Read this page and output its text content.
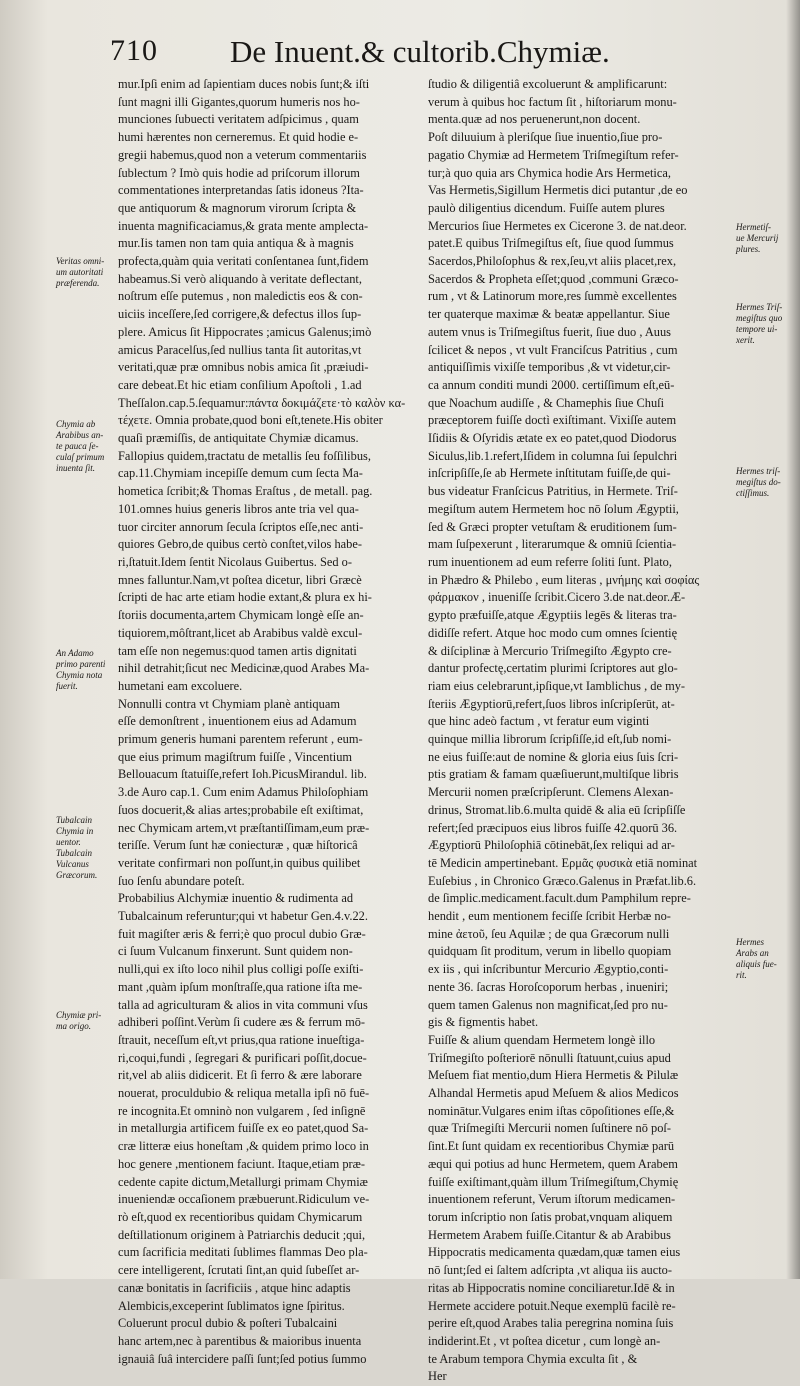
710 De Inuent.& cultorib.Chymiæ.
Veritas omni-
um autoritati
præferenda.
Chymia ab
Arabibus an-
te pauca ſe-
culaſ primum
inuenta ſit.
An Adamo
primo parenti
Chymia nota
fuerit.
Tubalcain
Chymia in
uentor.
Tubalcain
Vulcanus
Græcorum.
Chymiæ pri-
ma origo.
Hermetiſ-
ue Mercurij
plures.
Hermes Triſ-
megiſtus quo
tempore ui-
xerit.
Hermes triſ-
megiſtus do-
ctiſſimus.
Hermes
Arabs an
aliquis fue-
rit.
mur.Ipſi enim ad ſapientiam duces nobis ſunt;& iſti
ſunt magni illi Gigantes,quorum humeris nos ho-
munciones ſubuecti veritatem adſpicimus , quam
humi hærentes non cerneremus. Et quid hodie e-
gregii habemus,quod non a veterum commentariis
ſublectum ? Imò quis hodie ad priſcorum illorum
commentationes interpretandas ſatis idoneus ?Ita-
que antiquorum & magnorum virorum ſcripta &
inuenta magnificaciamus,& grata mente amplecta-
mur.Iis tamen non tam quia antiqua & à magnis
profecta,quàm quia veritati conſentanea ſunt,fidem
habeamus.Si verò aliquando à veritate deflectant,
noſtrum eſſe putemus , non maledictis eos & con-
uiciis inceſſere,ſed corrigere,& defectus illos ſup-
plere. Amicus ſit Hippocrates ;amicus Galenus;imò
amicus Paracelſus,ſed nullius tanta ſit autoritas,vt
veritati,quæ præ omnibus nobis amica ſit ,præiudi-
care debeat.Et hic etiam conſilium Apoſtoli , 1.ad
Theſſalon.cap.5.ſequamur:πάντα δοκιμάζετε·τὸ καλὸν κα-
τέχετε. Omnia probate,quod boni eſt,tenete.His obiter
quaſi præmiſſis, de antiquitate Chymiæ dicamus.
Fallopius quidem,tractatu de metallis ſeu foſſilibus,
cap.11.Chymiam incepiſſe demum cum ſecta Ma-
hometica ſcribit;& Thomas Eraſtus , de metall. pag.
101.omnes huius generis libros ante tria vel qua-
tuor circiter annorum ſecula ſcriptos eſſe,nec anti-
quiores Gebro,de quibus certò conſtet,vilos habe-
ri,ſtatuit.Idem ſentit Nicolaus Guibertus. Sed o-
mnes falluntur.Nam,vt poſtea dicetur, libri Græcè
ſcripti de hac arte etiam hodie extant,& plura ex hi-
ſtoriis documenta,artem Chymicam longè eſſe an-
tiquiorem,môſtrant,licet ab Arabibus valdè excul-
tam eſſe non negemus:quod tamen artis dignitati
nihil detrahit;ſicut nec Medicinæ,quod Arabes Ma-
humetani eam excoluere.
Nonnulli contra vt Chymiam planè antiquam
eſſe demonſtrent , inuentionem eius ad Adamum
primum generis humani parentem referunt , eum-
que eius primum magiſtrum fuiſſe , Vincentium
Bellouacum ſtatuiſſe,refert Ioh.PicusMirandul. lib.
3.de Auro cap.1. Cum enim Adamus Philoſophiam
ſuos docuerit,& alias artes;probabile eſt exiſtimat,
nec Chymicam artem,vt præſtantiſſimam,eum præ-
teriſſe. Verum ſunt hæ coniecturæ , quæ hiſtoricâ
veritate confirmari non poſſunt,in quibus quilibet
ſuo ſenſu abundare poteſt.
Probabilius Alchymiæ inuentio & rudimenta ad
Tubalcainum referuntur;qui vt habetur Gen.4.v.22.
fuit magiſter æris & ferri;è quo procul dubio Græ-
ci ſuum Vulcanum finxerunt. Sunt quidem non-
nulli,qui ex iſto loco nihil plus colligi poſſe exiſti-
mant ,quàm ipſum monſtraſſe,qua ratione iſta me-
talla ad agriculturam & alios in vita communi vſus
adhiberi poſſint.Verùm ſi cudere æs & ferrum mō-
ſtrauit, neceſſum eſt,vt prius,qua ratione inueſtiga-
ri,coqui,fundi , ſegregari & purificari poſſit,docue-
rit,vel ab aliis didicerit. Et ſi ferro & ære laborare
nouerat, proculdubio & reliqua metalla ipſi nō fuē-
re incognita.Et omninò non vulgarem , ſed inſignē
in metallurgia artificem fuiſſe ex eo patet,quod Sa-
cræ litteræ eius honeſtam ,& quidem primo loco in
hoc genere ,mentionem faciunt. Itaque,etiam præ-
cedente capite dictum,Metallurgi primam Chymiæ
inueniendæ occaſionem præbuerunt.Ridiculum ve-
rò eſt,quod ex recentioribus quidam Chymicarum
deſtillationum originem à Patriarchis deducit ;qui,
cum ſacrificia meditati ſublimes flammas Deo pla-
cere intelligerent, ſcrutati ſint,an quid ſubeſſet ar-
canæ bonitatis in ſacrificiis , atque hinc adaptis
Alembicis,exceperint ſublimatos igne ſpiritus.
Coluerunt procul dubio & poſteri Tubalcaini
hanc artem,nec à parentibus & maioribus inuenta
ignauiâ ſuâ intercidere paſſi ſunt;ſed potius ſummo
ſtudio & diligentiâ excoluerunt & amplificarunt:
verum à quibus hoc factum ſit , hiſtoriarum monu-
menta.quæ ad nos peruenerunt,non docent.
Poſt diluuium à pleriſque ſiue inuentio,ſiue pro-
pagatio Chymiæ ad Hermetem Triſmegiſtum refer-
tur;à quo quia ars Chymica hodie Ars Hermetica,
Vas Hermetis,Sigillum Hermetis dici putantur ,de eo
paulò diligentius dicendum. Fuiſſe autem plures
Mercurios ſiue Hermetes ex Cicerone 3. de nat.deor.
patet.E quibus Triſmegiſtus eſt, ſiue quod ſummus
Sacerdos,Philoſophus & rex,ſeu,vt aliis placet,rex,
Sacerdos & Propheta eſſet;quod ,communi Græco-
rum , vt & Latinorum more,res ſummè excellentes
ter quaterque maximæ & beatæ appellantur. Siue
autem vnus is Triſmegiſtus fuerit, ſiue duo , Auus
ſcilicet & nepos , vt vult Franciſcus Patritius , cum
antiquiſſimis vixiſſe temporibus ,& vt videtur,cir-
ca annum conditi mundi 2000. certiſſimum eſt,eū-
que Noachum audiſſe , & Chamephis ſiue Chuſi
præceptorem fuiſſe doctì exiſtimant. Vixiſſe autem
Iſidiis & Oſyridis ætate ex eo patet,quod Diodorus
Siculus,lib.1.refert,Iſidem in columna ſui ſepulchri
inſcripſiſſe,ſe ab Hermete inſtitutam fuiſſe,de qui-
bus videatur Franſcicus Patritius, in Hermete. Triſ-
megiſtum autem Hermetem hoc nō ſolum Ægyptii,
ſed & Græci propter vetuſtam & eruditionem ſum-
mam ſuſpexerunt , literarumque & omniū ſcientia-
rum inuentionem ad eum referre ſoliti ſunt. Plato,
in Phædro & Philebo , eum literas , μνήμης καὶ σοφίας
φάρμακον , inueniſſe ſcribit.Cicero 3.de nat.deor.Æ-
gypto præfuiſſe,atque Ægyptiis legēs & literas tra-
didiſſe refert. Atque hoc modo cum omnes ſcientię
& diſciplinæ à Mercurio Triſmegiſto Ægypto cre-
dantur profectę,certatim plurimi ſcriptores aut glo-
riam eius celebrarunt,ipſique,vt Iamblichus , de my-
ſteriis Ægyptiorū,refert,ſuos libros inſcripſerūt, at-
que hinc adeò factum , vt feratur eum viginti
quinque millia librorum ſcripſiſſe,id eſt,ſub nomi-
ne eius fuiſſe:aut de nomine & gloria eius ſuis ſcri-
ptis gratiam & famam quæſiuerunt,multiſque libris
Mercurii nomen præſcripſerunt. Clemens Alexan-
drinus, Stromat.lib.6.multa quidē & alia eū ſcripſiſſe
refert;ſed præcipuos eius libros fuiſſe 42.quorū 36.
Ægyptiorū Philoſophiā cōtinebāt,ſex reliqui ad ar-
tē Medicin ampertinebant. Ερμᾶς φυσικὰ etiā nominat
Euſebius , in Chronico Græco.Galenus in Præfat.lib.6.
de ſimplic.medicament.facult.dum Pamphilum repre-
hendit , eum mentionem feciſſe ſcribit Herbæ no-
mine ἀετοῦ, ſeu Aquilæ ; de qua Græcorum nulli
quidquam ſit proditum, verum in libello quopiam
ex iis , qui inſcribuntur Mercurio Ægyptio,conti-
nente 36. ſacras Horoſcoporum herbas , inueniri;
quem tamen Galenus non magnificat,ſed pro nu-
gis & figmentis habet.
Fuiſſe & alium quendam Hermetem longè illo
Triſmegiſto poſteriorē nōnulli ſtatuunt,cuius apud
Meſuem fiat mentio,dum Hiera Hermetis & Pilulæ
Alhandal Hermetis apud Meſuem & alios Medicos
nominātur.Vulgares enim iſtas cōpoſitiones eſſe,&
quæ Triſmegiſti Mercurii nomen ſuſtinere nō poſ-
ſint.Et ſunt quidam ex recentioribus Chymiæ parū
æqui qui potius ad hunc Hermetem, quem Arabem
fuiſſe exiſtimant,quàm illum Triſmegiſtum,Chymię
inuentionem referunt, Verum iſtorum medicamen-
torum inſcriptio non ſatis probat,vnquam aliquem
Hermetem Arabem fuiſſe.Citantur & ab Arabibus
Hippocratis medicamenta quædam,quæ tamen eius
nō ſunt;ſed ei ſaltem adſcripta ,vt aliqua iis aucto-
ritas ab Hippocratis nomine conciliaretur.Idē & in
Hermete accidere potuit.Neque exemplū facilè re-
perire eſt,quod Arabes talia peregrina nomina ſuis
indiderint.Et , vt poſtea dicetur , cum longè an-
te Arabum tempora Chymia exculta ſit , &
Her
